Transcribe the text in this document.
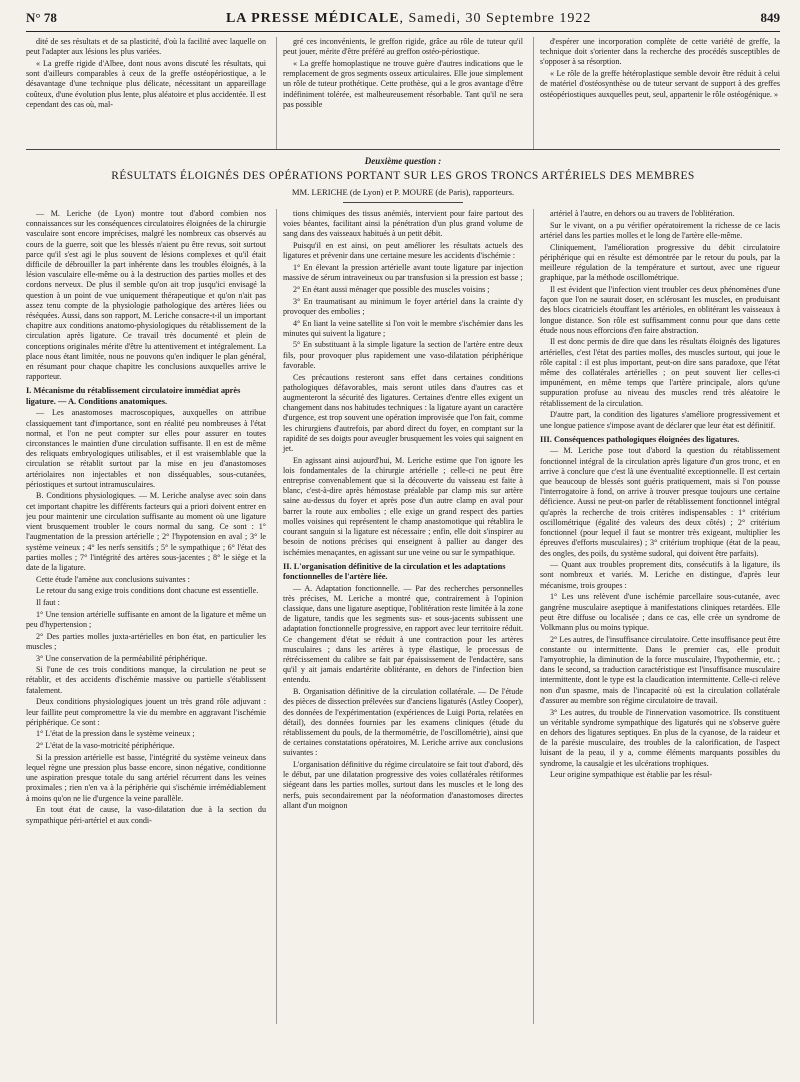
N° 78	LA PRESSE MÉDICALE, Samedi, 30 Septembre 1922	849

dité de ses résultats et de sa plasticité, d'où la facilité avec laquelle on peut l'adapter aux lésions les plus variées.

« La greffe rigide d'Albee, dont nous avons discuté les résultats, qui sont d'ailleurs comparables à ceux de la greffe ostéopériostique, a le désavantage d'une technique plus délicate, nécessitant un appareillage coûteux, d'une évolution plus lente, plus aléatoire et plus accidentée. Il est cependant des cas où, mal-

gré ces inconvénients, le greffon rigide, grâce au rôle de tuteur qu'il peut jouer, mérite d'être préféré au greffon ostéo-périostique.

« La greffe homoplastique ne trouve guère d'autres indications que le remplacement de gros segments osseux articulaires. Elle joue simplement un rôle de tuteur prothétique. Cette prothèse, qui a le gros avantage d'être indéfiniment tolérée, est malheureusement résorbable. Tant qu'il ne sera pas possible

d'espérer une incorporation complète de cette variété de greffe, la technique doit s'orienter dans la recherche des procédés susceptibles de s'opposer à sa résorption.

« Le rôle de la greffe hétéroplastique semble devoir être réduit à celui de matériel d'ostéosynthèse ou de tuteur servant de support à des greffes ostéopériostiques auxquelles peut, seul, appartenir le rôle ostéogénique. »

Deuxième question :
RÉSULTATS ÉLOIGNÉS DES OPÉRATIONS PORTANT SUR LES GROS TRONCS ARTÉRIELS DES MEMBRES
MM. LERICHE (de Lyon) et P. MOURE (de Paris), rapporteurs.

— M. Leriche (de Lyon) montre tout d'abord combien nos connaissances sur les conséquences circulatoires éloignées de la chirurgie vasculaire sont encore imprécises, malgré les nombreux cas observés au cours de la guerre, soit que les blessés n'aient pu être revus, soit surtout parce qu'il s'est agi le plus souvent de lésions complexes et qu'il était difficile de débrouiller la part inhérente dans les troubles éloignés, à la lésion vasculaire elle-même ou à la destruction des parties molles et des cordons nerveux. De plus il semble qu'on ait trop jusqu'ici envisagé la question à un point de vue uniquement thérapeutique et qu'on n'ait pas assez tenu compte de la physiologie pathologique des artères liées ou réséquées. Aussi, dans son rapport, M. Leriche consacre-t-il un important chapitre aux conditions anatomo-physiologiques du rétablissement de la circulation après ligature. Ce travail très documenté et plein de conceptions originales mérite d'être lu attentivement et intégralement. La place nous étant limitée, nous ne pouvons qu'en indiquer le plan général, en résumant pour chaque chapitre les conclusions auxquelles arrive le rapporteur.

I. Mécanisme du rétablissement circulatoire immédiat après ligature. — A. Conditions anatomiques.

— Les anastomoses macroscopiques, auxquelles on attribue classiquement tant d'importance, sont en réalité peu nombreuses à l'état normal, et l'on ne peut compter sur elles pour assurer en toutes circonstances le maintien d'une circulation suffisante. Il en est de même des reliquats embryologiques utilisables, et il est vraisemblable que la circulation se rétablit surtout par la mise en jeu d'anastomoses artériolaires non injectables et non disséquables, sous-cutanées, périostiques et surtout intramusculaires.

B. Conditions physiologiques. — M. Leriche analyse avec soin dans cet important chapitre les différents facteurs qui a priori doivent entrer en jeu pour maintenir une circulation suffisante au moment où une ligature vient brusquement troubler le cours normal du sang. Ce sont : 1° l'augmentation de la pression artérielle ; 2° l'hypotension en aval ; 3° le système veineux ; 4° les nerfs sensitifs ; 5° le sympathique ; 6° l'état des parties molles ; 7° l'intégrité des artères sous-jacentes ; 8° le siège et la date de la ligature.

Cette étude l'amène aux conclusions suivantes :

Le retour du sang exige trois conditions dont chacune est essentielle.

Il faut :

1° Une tension artérielle suffisante en amont de la ligature et même un peu d'hypertension ;

2° Des parties molles juxta-artérielles en bon état, en particulier les muscles ;

3° Une conservation de la perméabilité périphérique.

Si l'une de ces trois conditions manque, la circulation ne peut se rétablir, et des accidents d'ischémie massive ou partielle s'établissent fatalement.

Deux conditions physiologiques jouent un très grand rôle adjuvant : leur faillite peut compromettre la vie du membre en aggravant l'ischémie périphérique. Ce sont :

1° L'état de la pression dans le système veineux ;

2° L'état de la vaso-motricité périphérique.

Si la pression artérielle est basse, l'intégrité du système veineux dans lequel règne une pression plus basse encore, sinon négative, conditionne une aspiration presque totale du sang artériel récurrent dans les veines proximales ; rien n'en va à la périphérie qui s'ischémie irrémédiablement à moins qu'on ne lie d'urgence la veine parallèle.

En tout état de cause, la vaso-dilatation due à la section du sympathique péri-artériel et aux condi-

tions chimiques des tissus anémiés, intervient pour faire partout des voies béantes, facilitant ainsi la pénétration d'un plus grand volume de sang dans des vaisseaux habitués à un petit débit.

Puisqu'il en est ainsi, on peut améliorer les résultats actuels des ligatures et prévenir dans une certaine mesure les accidents d'ischémie :

1° En élevant la pression artérielle avant toute ligature par injection massive de sérum intraveineux ou par transfusion si la pression est basse ;

2° En étant aussi ménager que possible des muscles voisins ;

3° En traumatisant au minimum le foyer artériel dans la crainte d'y provoquer des embolies ;

4° En liant la veine satellite si l'on voit le membre s'ischémier dans les minutes qui suivent la ligature ;

5° En substituant à la simple ligature la section de l'artère entre deux fils, pour provoquer plus rapidement une vaso-dilatation périphérique favorable.

Ces précautions resteront sans effet dans certaines conditions pathologiques défavorables, mais seront utiles dans d'autres cas et augmenteront la sécurité des ligatures. Certaines d'entre elles exigent un changement dans nos habitudes techniques : la ligature ayant un caractère d'urgence, est trop souvent une opération improvisée que l'on fait, comme les chirurgiens d'autrefois, par abord direct du foyer, en comptant sur la rapidité de ses doigts pour aveugler brusquement les voies qui saignent en jet.

En agissant ainsi aujourd'hui, M. Leriche estime que l'on ignore les lois fondamentales de la chirurgie artérielle ; celle-ci ne peut être entreprise convenablement que si la découverte du vaisseau est faite à blanc, c'est-à-dire après hémostase préalable par clamp mis sur artère saine au-dessus du foyer et après pose d'un autre clamp en aval pour barrer la route aux embolies ; elle exige un grand respect des parties molles voisines qui représentent le champ anastomotique qui rétablira le courant sanguin si la ligature est nécessaire ; enfin, elle doit s'inspirer au besoin de notions précises qui enseignent à pallier au danger des ischémies menaçantes, en agissant sur une veine ou sur le sympathique.

II. L'organisation définitive de la circulation et les adaptations fonctionnelles de l'artère liée.

— A. Adaptation fonctionnelle. — Par des recherches personnelles très précises, M. Leriche a montré que, contrairement à l'opinion classique, dans une ligature aseptique, l'oblitération reste limitée à la zone de ligature, tandis que les segments sus- et sous-jacents subissent une adaptation fonctionnelle progressive, en rapport avec leur territoire réduit. Ce changement d'état se réduit à une contraction pour les artères musculaires ; dans les artères à type élastique, le processus de rétrécissement du calibre se fait par épaississement de l'endactère, sans qu'il y ait jamais endartérite oblitérante, en dehors de l'infection bien entendu.

B. Organisation définitive de la circulation collatérale. — De l'étude des pièces de dissection prélevées sur d'anciens ligaturés (Astley Cooper), des données de l'expérimentation (expériences de Luigi Porta, relatées en détail), des données fournies par les examens cliniques (étude du rétablissement du pouls, de la thermométrie, de l'oscillométrie), ainsi que de certaines constatations opératoires, M. Leriche arrive aux conclusions suivantes :

L'organisation définitive du régime circulatoire se fait tout d'abord, dès le début, par une dilatation progressive des voies collatérales rétiformes siégeant dans les parties molles, surtout dans les muscles et le long des nerfs, puis secondairement par la néoformation d'anastomoses directes allant d'un moignon

artériel à l'autre, en dehors ou au travers de l'oblitération.

Sur le vivant, on a pu vérifier opératoirement la richesse de ce lacis artériel dans les parties molles et le long de l'artère elle-même.

Cliniquement, l'amélioration progressive du débit circulatoire périphérique qui en résulte est démontrée par le retour du pouls, par la meilleure régulation de la température et surtout, avec une rigueur graphique, par la méthode oscillométrique.

Il est évident que l'infection vient troubler ces deux phénomènes d'une façon que l'on ne saurait doser, en sclérosant les muscles, en produisant des blocs cicatriciels étouffant les artérioles, en oblitérant les vaisseaux à longue distance. Son rôle est suffisamment connu pour que dans cette étude nous nous efforcions d'en faire abstraction.

Il est donc permis de dire que dans les résultats éloignés des ligatures artérielles, c'est l'état des parties molles, des muscles surtout, qui joue le rôle capital : il est plus important, peut-on dire sans paradoxe, que l'état même des collatérales artérielles ; on peut souvent lier celles-ci impunément, en même temps que l'artère principale, alors qu'une suppuration profuse au niveau des muscles rend très aléatoire le rétablissement de la circulation.

D'autre part, la condition des ligatures s'améliore progressivement et une longue patience s'impose avant de déclarer que leur état est définitif.

III. Conséquences pathologiques éloignées des ligatures.

— M. Leriche pose tout d'abord la question du rétablissement fonctionnel intégral de la circulation après ligature d'un gros tronc, et en arrive à conclure que c'est là une éventualité exceptionnelle. Il est certain que beaucoup de blessés sont guéris pratiquement, mais si l'on pousse l'interrogatoire à fond, on arrive à trouver presque toujours une certaine déficience. Aussi ne peut-on parler de rétablissement fonctionnel intégral qu'après la recherche de trois critères indispensables : 1° critérium oscillométrique (égalité des valeurs des deux côtés) ; 2° critérium fonctionnel (pour lequel il faut se montrer très exigeant, multiplier les épreuves d'efforts musculaires) ; 3° critérium trophique (état de la peau, des ongles, des poils, du système sudoral, qui doivent être parfaits).

— Quant aux troubles proprement dits, consécutifs à la ligature, ils sont nombreux et variés. M. Leriche en distingue, d'après leur mécanisme, trois groupes :

1° Les uns relèvent d'une ischémie parcellaire sous-cutanée, avec gangrène musculaire aseptique à manifestations cliniques retardées. Elle peut être diffuse ou localisée ; dans ce cas, elle crée un syndrome de Volkmann plus ou moins typique.

2° Les autres, de l'insuffisance circulatoire. Cette insuffisance peut être constante ou intermittente. Dans le premier cas, elle produit l'amyotrophie, la diminution de la force musculaire, l'hypothermie, etc. ; dans le second, sa traduction caractéristique est l'insuffisance musculaire intermittente, dont le type est la claudication intermittente. Celle-ci relève non d'un spasme, mais de l'incapacité où est la circulation collatérale d'assurer au membre son régime circulatoire de travail.

3° Les autres, du trouble de l'innervation vasomotrice. Ils constituent un véritable syndrome sympathique des ligaturés qui ne s'observe guère en dehors des ligatures septiques. En plus de la cyanose, de la raideur et de la parésie musculaire, des troubles de la calorification, de l'aspect luisant de la peau, il y a, comme éléments marquants possibles du syndrome, la causalgie et les ulcérations trophiques.

Leur origine sympathique est établie par les résul-
